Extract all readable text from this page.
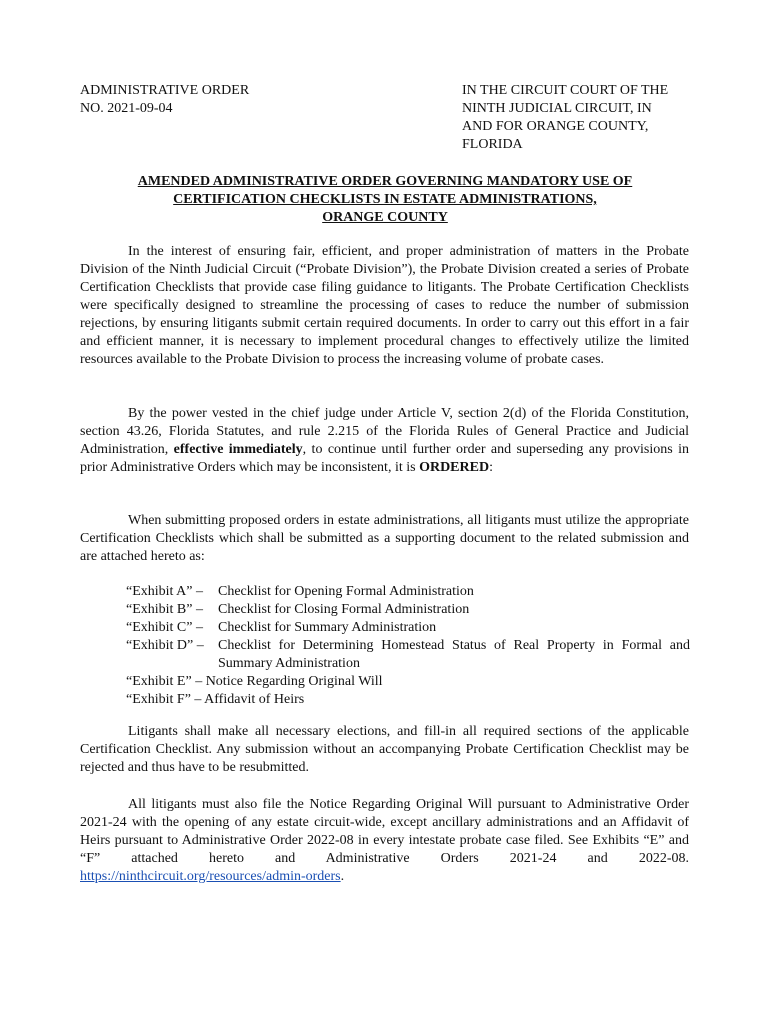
ADMINISTRATIVE ORDER
NO. 2021-09-04
IN THE CIRCUIT COURT OF THE
NINTH JUDICIAL CIRCUIT, IN
AND FOR ORANGE COUNTY,
FLORIDA
AMENDED ADMINISTRATIVE ORDER GOVERNING MANDATORY USE OF
CERTIFICATION CHECKLISTS IN ESTATE ADMINISTRATIONS,
ORANGE COUNTY
In the interest of ensuring fair, efficient, and proper administration of matters in the Probate Division of the Ninth Judicial Circuit (“Probate Division”), the Probate Division created a series of Probate Certification Checklists that provide case filing guidance to litigants. The Probate Certification Checklists were specifically designed to streamline the processing of cases to reduce the number of submission rejections, by ensuring litigants submit certain required documents. In order to carry out this effort in a fair and efficient manner, it is necessary to implement procedural changes to effectively utilize the limited resources available to the Probate Division to process the increasing volume of probate cases.
By the power vested in the chief judge under Article V, section 2(d) of the Florida Constitution, section 43.26, Florida Statutes, and rule 2.215 of the Florida Rules of General Practice and Judicial Administration, effective immediately, to continue until further order and superseding any provisions in prior Administrative Orders which may be inconsistent, it is ORDERED:
When submitting proposed orders in estate administrations, all litigants must utilize the appropriate Certification Checklists which shall be submitted as a supporting document to the related submission and are attached hereto as:
“Exhibit A” –	Checklist for Opening Formal Administration
“Exhibit B” –	Checklist for Closing Formal Administration
“Exhibit C” –	Checklist for Summary Administration
“Exhibit D” –	Checklist for Determining Homestead Status of Real Property in Formal and Summary Administration
“Exhibit E” – Notice Regarding Original Will
“Exhibit F” – Affidavit of Heirs
Litigants shall make all necessary elections, and fill-in all required sections of the applicable Certification Checklist. Any submission without an accompanying Probate Certification Checklist may be rejected and thus have to be resubmitted.
All litigants must also file the Notice Regarding Original Will pursuant to Administrative Order 2021-24 with the opening of any estate circuit-wide, except ancillary administrations and an Affidavit of Heirs pursuant to Administrative Order 2022-08 in every intestate probate case filed. See Exhibits “E” and “F” attached hereto and Administrative Orders 2021-24 and 2022-08. https://ninthcircuit.org/resources/admin-orders.
